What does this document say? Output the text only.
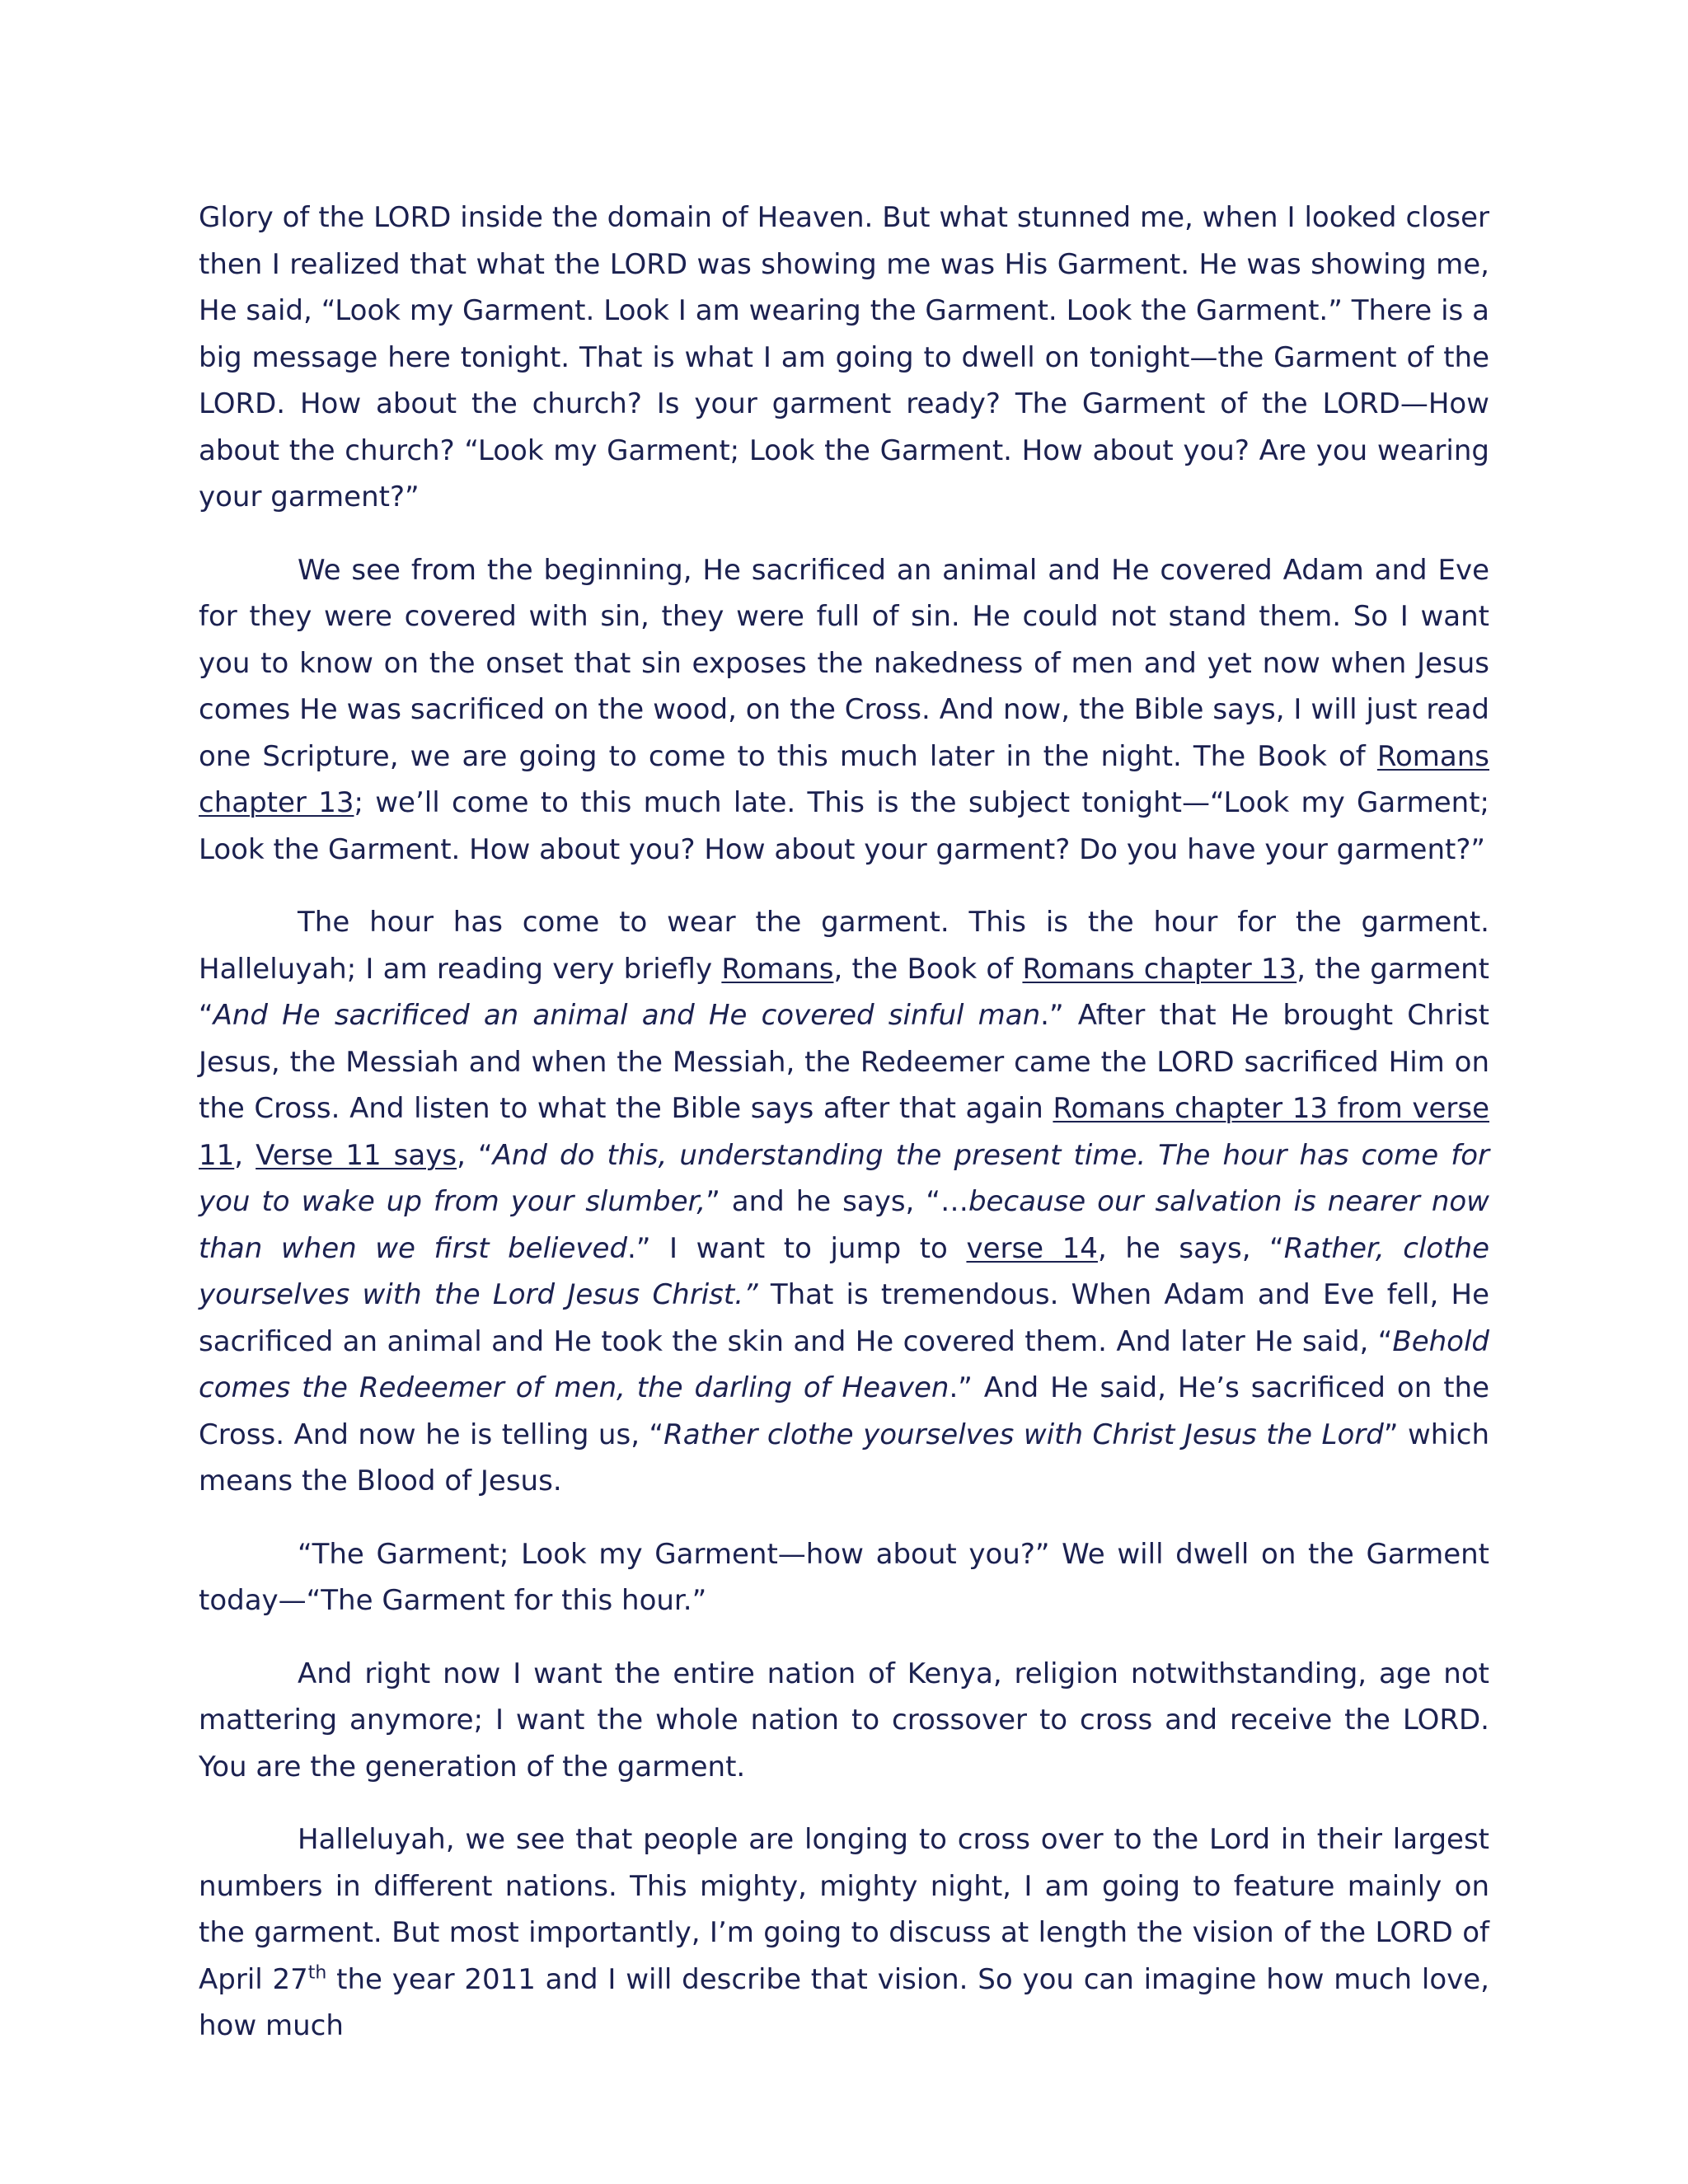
Glory of the LORD inside the domain of Heaven. But what stunned me, when I looked closer then I realized that what the LORD was showing me was His Garment. He was showing me, He said, “Look my Garment. Look I am wearing the Garment. Look the Garment.” There is a big message here tonight. That is what I am going to dwell on tonight—the Garment of the LORD. How about the church? Is your garment ready? The Garment of the LORD—How about the church? “Look my Garment; Look the Garment. How about you? Are you wearing your garment?”

We see from the beginning, He sacrificed an animal and He covered Adam and Eve for they were covered with sin, they were full of sin. He could not stand them. So I want you to know on the onset that sin exposes the nakedness of men and yet now when Jesus comes He was sacrificed on the wood, on the Cross. And now, the Bible says, I will just read one Scripture, we are going to come to this much later in the night. The Book of Romans chapter 13; we’ll come to this much late. This is the subject tonight—“Look my Garment; Look the Garment. How about you? How about your garment? Do you have your garment?”

The hour has come to wear the garment. This is the hour for the garment. Halleluyah; I am reading very briefly Romans, the Book of Romans chapter 13, the garment “And He sacrificed an animal and He covered sinful man.” After that He brought Christ Jesus, the Messiah and when the Messiah, the Redeemer came the LORD sacrificed Him on the Cross. And listen to what the Bible says after that again Romans chapter 13 from verse 11, Verse 11 says, “And do this, understanding the present time. The hour has come for you to wake up from your slumber,” and he says, “…because our salvation is nearer now than when we first believed.” I want to jump to verse 14, he says, “Rather, clothe yourselves with the Lord Jesus Christ.” That is tremendous. When Adam and Eve fell, He sacrificed an animal and He took the skin and He covered them. And later He said, “Behold comes the Redeemer of men, the darling of Heaven.” And He said, He’s sacrificed on the Cross. And now he is telling us, “Rather clothe yourselves with Christ Jesus the Lord” which means the Blood of Jesus.

“The Garment; Look my Garment—how about you?” We will dwell on the Garment today—“The Garment for this hour.”

And right now I want the entire nation of Kenya, religion notwithstanding, age not mattering anymore; I want the whole nation to crossover to cross and receive the LORD. You are the generation of the garment.

Halleluyah, we see that people are longing to cross over to the Lord in their largest numbers in different nations. This mighty, mighty night, I am going to feature mainly on the garment. But most importantly, I’m going to discuss at length the vision of the LORD of April 27th the year 2011 and I will describe that vision. So you can imagine how much love, how much
